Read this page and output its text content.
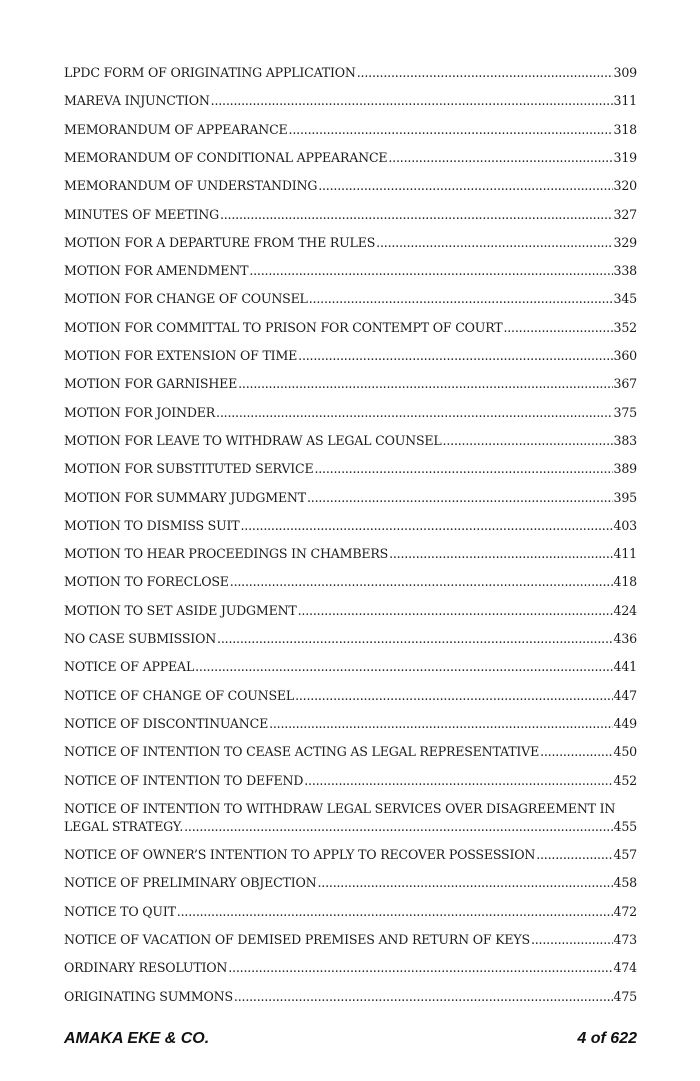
LPDC FORM OF ORIGINATING APPLICATION .....	309
MAREVA INJUNCTION .....	311
MEMORANDUM OF APPEARANCE .....	318
MEMORANDUM OF CONDITIONAL APPEARANCE .....	319
MEMORANDUM OF UNDERSTANDING .....	320
MINUTES OF MEETING .....	327
MOTION FOR A DEPARTURE FROM THE RULES .....	329
MOTION FOR AMENDMENT .....	338
MOTION FOR CHANGE OF COUNSEL .....	345
MOTION FOR COMMITTAL TO PRISON FOR CONTEMPT OF COURT .....	352
MOTION FOR EXTENSION OF TIME .....	360
MOTION FOR GARNISHEE .....	367
MOTION FOR JOINDER .....	375
MOTION FOR LEAVE TO WITHDRAW AS LEGAL COUNSEL .....	383
MOTION FOR SUBSTITUTED SERVICE .....	389
MOTION FOR SUMMARY JUDGMENT .....	395
MOTION TO DISMISS SUIT .....	403
MOTION TO HEAR PROCEEDINGS IN CHAMBERS .....	411
MOTION TO FORECLOSE .....	418
MOTION TO SET ASIDE JUDGMENT .....	424
NO CASE SUBMISSION .....	436
NOTICE OF APPEAL .....	441
NOTICE OF CHANGE OF COUNSEL .....	447
NOTICE OF DISCONTINUANCE .....	449
NOTICE OF INTENTION TO CEASE ACTING AS LEGAL REPRESENTATIVE .....	450
NOTICE OF INTENTION TO DEFEND .....	452
NOTICE OF INTENTION TO WITHDRAW LEGAL SERVICES OVER DISAGREEMENT IN
LEGAL STRATEGY. .....	455
NOTICE OF OWNER’S INTENTION TO APPLY TO RECOVER POSSESSION .....	457
NOTICE OF PRELIMINARY OBJECTION .....	458
NOTICE TO QUIT .....	472
NOTICE OF VACATION OF DEMISED PREMISES AND RETURN OF KEYS .....	473
ORDINARY RESOLUTION .....	474
ORIGINATING SUMMONS .....	475
AMAKA EKE & CO.	4 of 622
